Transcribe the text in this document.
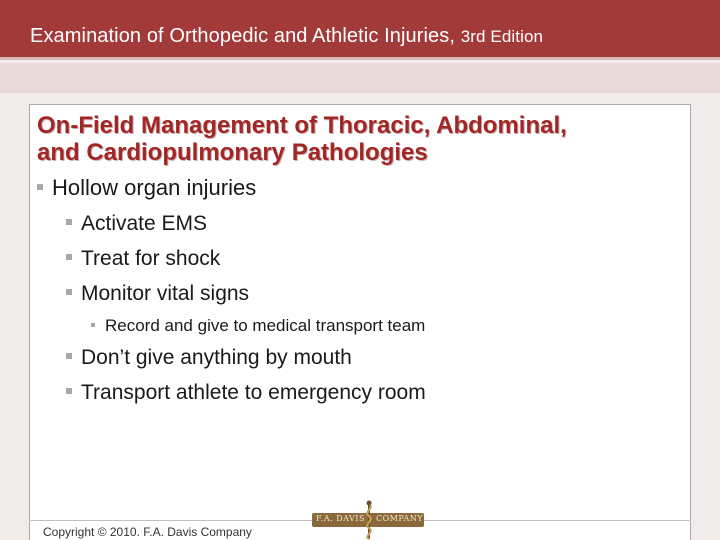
Examination of Orthopedic and Athletic Injuries, 3rd Edition
On-Field Management of Thoracic, Abdominal,
and Cardiopulmonary Pathologies
Hollow organ injuries
Activate EMS
Treat for shock
Monitor vital signs
Record and give to medical transport team
Don’t give anything by mouth
Transport athlete to emergency room
Copyright © 2010. F.A. Davis Company
F.A. DAVIS COMPANY
